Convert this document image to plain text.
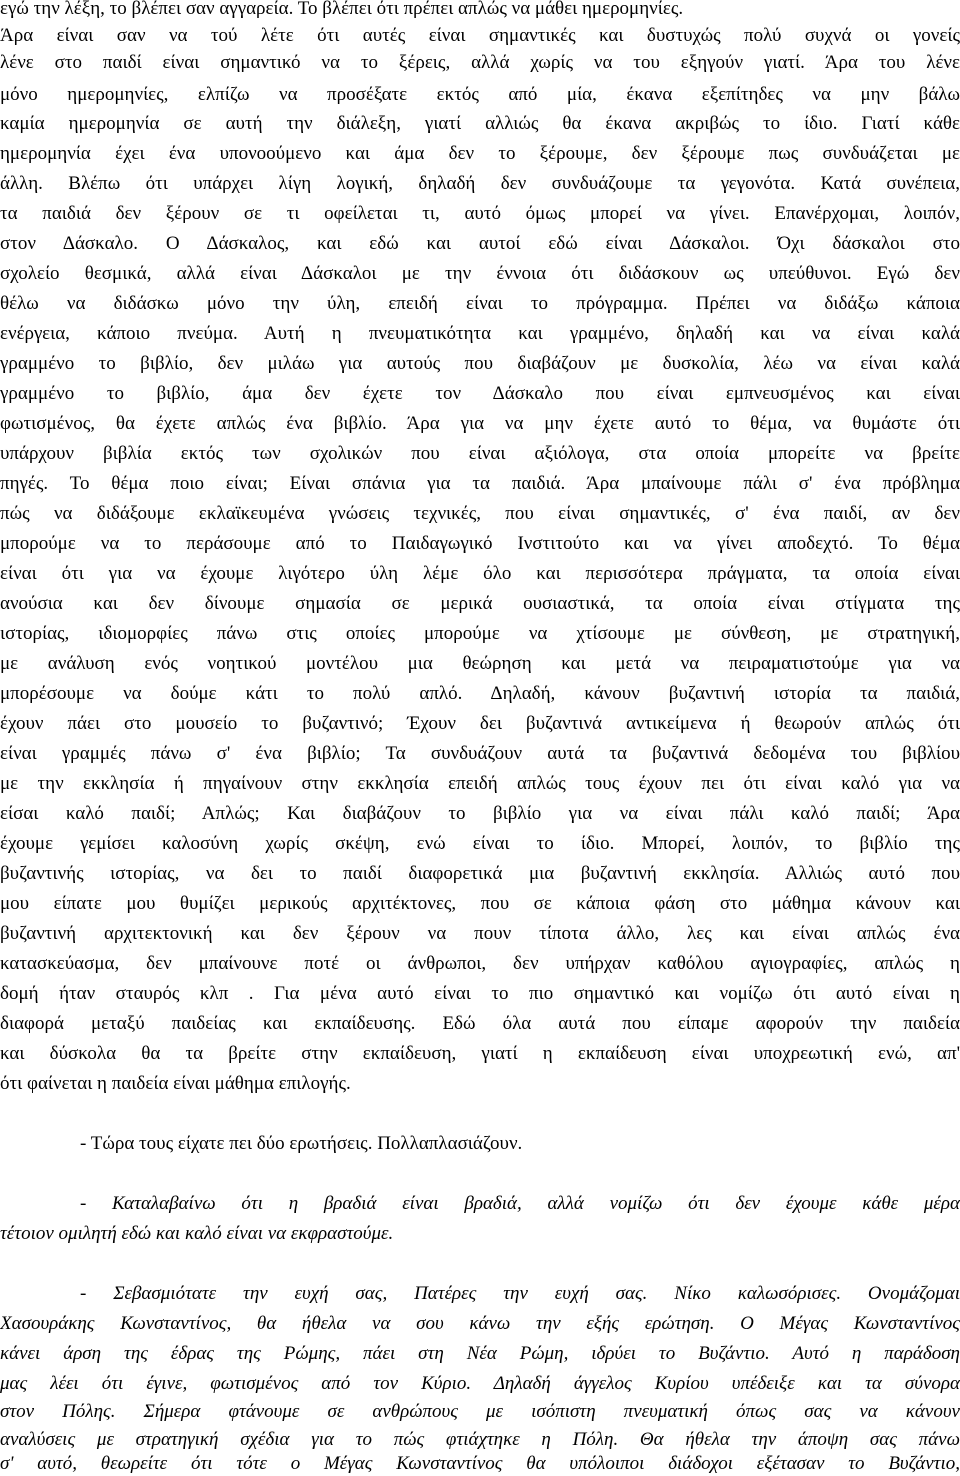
εγώ την λέξη, το βλέπει σαν αγγαρεία. Το βλέπει ότι πρέπει απλώς να μάθει ημερομηνίες.
Άρα είναι σαν να τού λέτε ότι αυτές είναι σημαντικές και δυστυχώς πολύ συχνά οι γονείς
λένε στο παιδί είναι σημαντικό να το ξέρεις, αλλά χωρίς να του εξηγούν γιατί. Άρα του λένε
μόνο ημερομηνίες, ελπίζω να προσέξατε εκτός από μία, έκανα εξεπίτηδες να μην βάλω
καμία ημερομηνία σε αυτή την διάλεξη, γιατί αλλιώς θα έκανα ακριβώς το ίδιο. Γιατί κάθε
ημερομηνία έχει ένα υπονοούμενο και άμα δεν το ξέρουμε, δεν ξέρουμε πως συνδυάζεται με
άλλη. Βλέπω ότι υπάρχει λίγη λογική, δηλαδή δεν συνδυάζουμε τα γεγονότα. Κατά συνέπεια,
τα παιδιά δεν ξέρουν σε τι οφείλεται τι, αυτό όμως μπορεί να γίνει. Επανέρχομαι, λοιπόν,
στον Δάσκαλο. Ο Δάσκαλος, και εδώ και αυτοί εδώ είναι Δάσκαλοι. Όχι δάσκαλοι στο
σχολείο θεσμικά, αλλά είναι Δάσκαλοι με την έννοια ότι διδάσκουν ως υπεύθυνοι. Εγώ δεν
θέλω να διδάσκω μόνο την ύλη, επειδή είναι το πρόγραμμα. Πρέπει να διδάξω κάποια
ενέργεια, κάποιο πνεύμα. Αυτή η πνευματικότητα και γραμμένο, δηλαδή και να είναι καλά
γραμμένο το βιβλίο, δεν μιλάω για αυτούς που διαβάζουν με δυσκολία, λέω να είναι καλά
γραμμένο το βιβλίο, άμα δεν έχετε τον Δάσκαλο που είναι εμπνευσμένος και είναι
φωτισμένος, θα έχετε απλώς ένα βιβλίο. Άρα για να μην έχετε αυτό το θέμα, να θυμάστε ότι
υπάρχουν βιβλία εκτός των σχολικών που είναι αξιόλογα, στα οποία μπορείτε να βρείτε
πηγές. Το θέμα ποιο είναι; Είναι σπάνια για τα παιδιά. Άρα μπαίνουμε πάλι σ' ένα πρόβλημα
πώς να διδάξουμε εκλαϊκευμένα γνώσεις τεχνικές, που είναι σημαντικές, σ' ένα παιδί, αν δεν
μπορούμε να το περάσουμε από το Παιδαγωγικό Ινστιτούτο και να γίνει αποδεχτό. Το θέμα
είναι ότι για να έχουμε λιγότερο ύλη λέμε όλο και περισσότερα πράγματα, τα οποία είναι
ανούσια και δεν δίνουμε σημασία σε μερικά ουσιαστικά, τα οποία είναι στίγματα της
ιστορίας, ιδιομορφίες πάνω στις οποίες μπορούμε να χτίσουμε με σύνθεση, με στρατηγική,
με ανάλυση ενός νοητικού μοντέλου μια θεώρηση και μετά να πειραματιστούμε για να
μπορέσουμε να δούμε κάτι το πολύ απλό. Δηλαδή, κάνουν βυζαντινή ιστορία τα παιδιά,
έχουν πάει στο μουσείο το βυζαντινό; Έχουν δει βυζαντινά αντικείμενα ή θεωρούν απλώς ότι
είναι γραμμές πάνω σ' ένα βιβλίο; Τα συνδυάζουν αυτά τα βυζαντινά δεδομένα του βιβλίου
με την εκκλησία ή πηγαίνουν στην εκκλησία επειδή απλώς τους έχουν πει ότι είναι καλό για να
είσαι καλό παιδί; Απλώς; Και διαβάζουν το βιβλίο για να είναι πάλι καλό παιδί; Άρα
έχουμε γεμίσει καλοσύνη χωρίς σκέψη, ενώ είναι το ίδιο. Μπορεί, λοιπόν, το βιβλίο της
βυζαντινής ιστορίας, να δει το παιδί διαφορετικά μια βυζαντινή εκκλησία. Αλλιώς αυτό που
μου είπατε μου θυμίζει μερικούς αρχιτέκτονες, που σε κάποια φάση στο μάθημα κάνουν και
βυζαντινή αρχιτεκτονική και δεν ξέρουν να πουν τίποτα άλλο, λες και είναι απλώς ένα
κατασκεύασμα, δεν μπαίνουνε ποτέ οι άνθρωποι, δεν υπήρχαν καθόλου αγιογραφίες, απλώς η
δομή ήταν σταυρός κλπ . Για μένα αυτό είναι το πιο σημαντικό και νομίζω ότι αυτό είναι η
διαφορά μεταξύ παιδείας και εκπαίδευσης. Εδώ όλα αυτά που είπαμε αφορούν την παιδεία
και δύσκολα θα τα βρείτε στην εκπαίδευση, γιατί η εκπαίδευση είναι υποχρεωτική ενώ, απ'
ότι φαίνεται η παιδεία είναι μάθημα επιλογής.
- Τώρα τους είχατε πει δύο ερωτήσεις. Πολλαπλασιάζουν.
- Καταλαβαίνω ότι η βραδιά είναι βραδιά, αλλά νομίζω ότι δεν έχουμε κάθε μέρα
τέτοιον ομιλητή εδώ και καλό είναι να εκφραστούμε.
- Σεβασμιότατε την ευχή σας, Πατέρες την ευχή σας. Νίκο καλωσόρισες. Ονομάζομαι
Χασουράκης Κωνσταντίνος, θα ήθελα να σου κάνω την εξής ερώτηση. Ο Μέγας Κωνσταντίνος
κάνει άρση της έδρας της Ρώμης, πάει στη Νέα Ρώμη, ιδρύει το Βυζάντιο. Αυτό η παράδοση
μας λέει ότι έγινε, φωτισμένος από τον Κύριο. Δηλαδή άγγελος Κυρίου υπέδειξε και τα σύνορα
στον Πόλης. Σήμερα φτάνουμε σε ανθρώπους με ισόπιστη πνευματική όπως σας να κάνουν
αναλύσεις με στρατηγική σχέδια για το πώς φτιάχτηκε η Πόλη. Θα ήθελα την άποψη σας πάνω
σ' αυτό, θεωρείτε ότι τότε ο Μέγας Κωνσταντίνος θα υπόλοιποι διάδοχοι εξέτασαν το Βυζάντιο,
